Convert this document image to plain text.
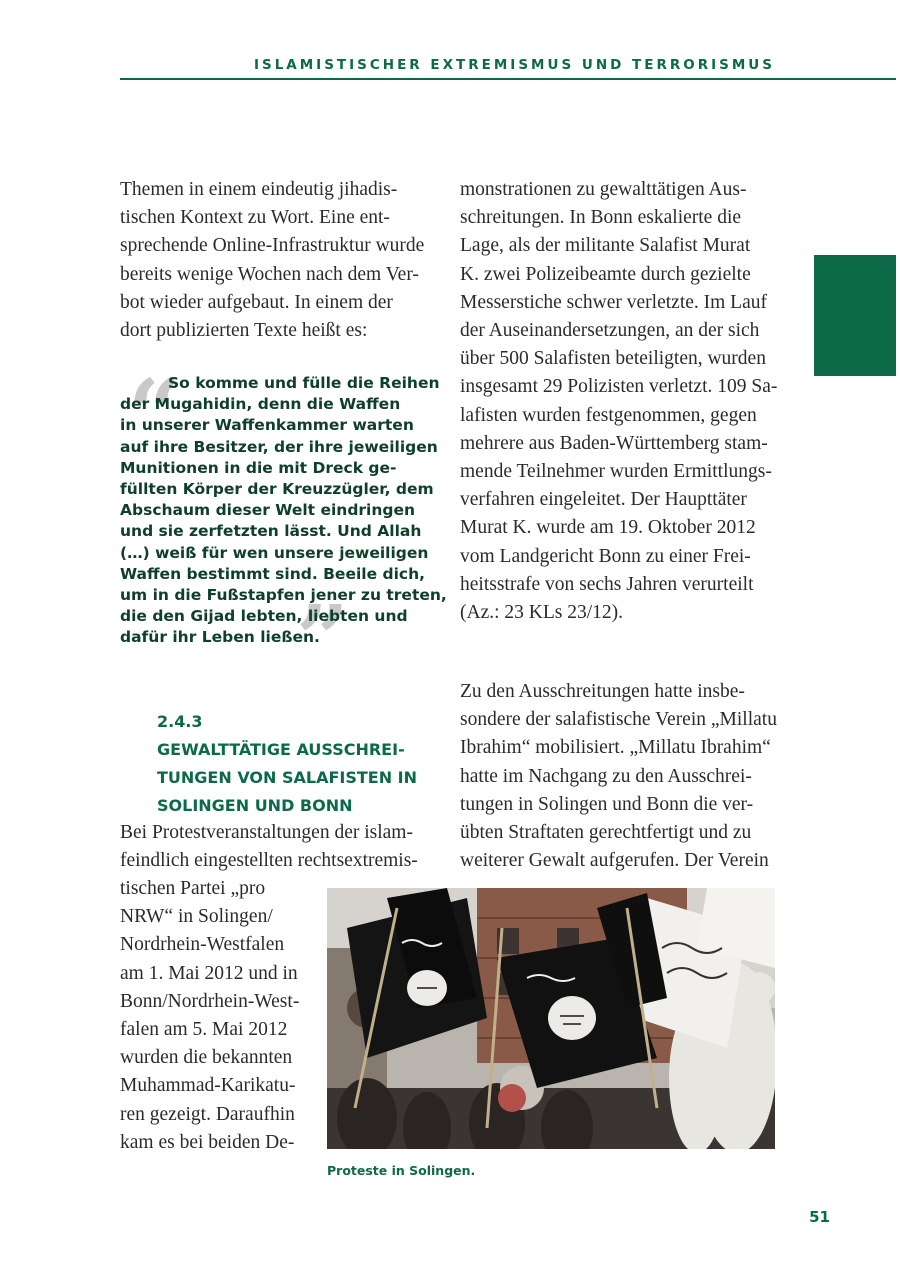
ISLAMISTISCHER EXTREMISMUS UND TERRORISMUS
Themen in einem eindeutig jihadis-
tischen Kontext zu Wort. Eine ent-
sprechende Online-Infrastruktur wurde
bereits wenige Wochen nach dem Ver-
bot wieder aufgebaut. In einem der
dort publizierten Texte heißt es:
“
”

So komme und fülle die Reihen
der Mugahidin, denn die Waffen
in unserer Waffenkammer warten
auf ihre Besitzer, der ihre jeweiligen
Munitionen in die mit Dreck ge-
füllten Körper der Kreuzzügler, dem
Abschaum dieser Welt eindringen
und sie zerfetzten lässt. Und Allah
(…) weiß für wen unsere jeweiligen
Waffen bestimmt sind. Beeile dich,
um in die Fußstapfen jener zu treten,
die den Gijad lebten, liebten und
dafür ihr Leben ließen.

2.4.3
GEWALTTÄTIGE AUSSCHREI-
TUNGEN VON SALAFISTEN IN
SOLINGEN UND BONN
Bei Protestveranstaltungen der islam-
feindlich eingestellten rechtsextremis-
tischen Partei „pro
NRW“ in Solingen/
Nordrhein-Westfalen
am 1. Mai 2012 und in
Bonn/Nordrhein-West-
falen am 5. Mai 2012
wurden die bekannten
Muhammad-Karikatu-
ren gezeigt. Daraufhin
kam es bei beiden De-
monstrationen zu gewalttätigen Aus-
schreitungen. In Bonn eskalierte die
Lage, als der militante Salafist Murat
K. zwei Polizeibeamte durch gezielte
Messerstiche schwer verletzte. Im Lauf
der Auseinandersetzungen, an der sich
über 500 Salafisten beteiligten, wurden
insgesamt 29 Polizisten verletzt. 109 Sa-
lafisten wurden festgenommen, gegen
mehrere aus Baden-Württemberg stam-
mende Teilnehmer wurden Ermittlungs-
verfahren eingeleitet. Der Haupttäter
Murat K. wurde am 19. Oktober 2012
vom Landgericht Bonn zu einer Frei-
heitsstrafe von sechs Jahren verurteilt
(Az.: 23 KLs 23/12).
Zu den Ausschreitungen hatte insbe-
sondere der salafistische Verein „Millatu
Ibrahim“ mobilisiert. „Millatu Ibrahim“
hatte im Nachgang zu den Ausschrei-
tungen in Solingen und Bonn die ver-
übten Straftaten gerechtfertigt und zu
weiterer Gewalt aufgerufen. Der Verein
Proteste in Solingen.
51
